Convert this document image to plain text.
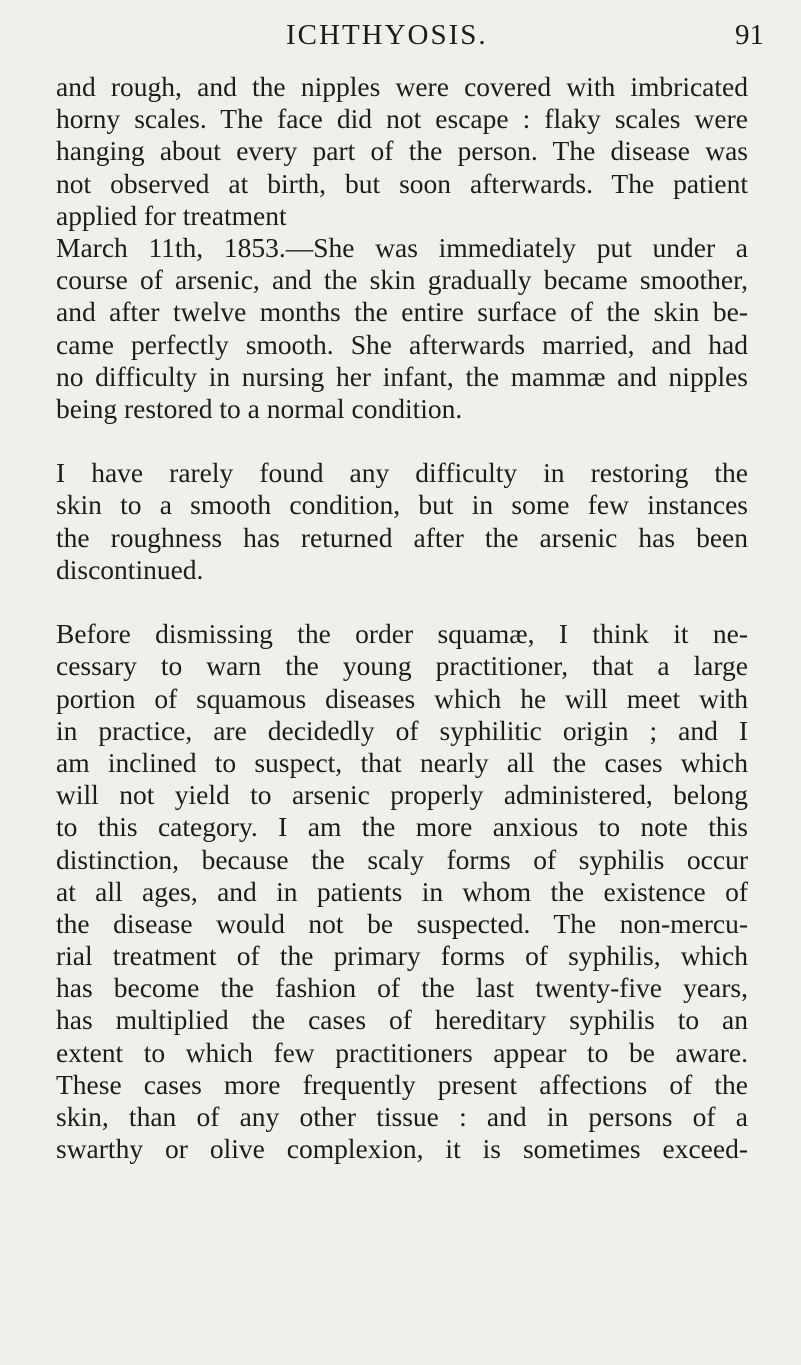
ICHTHYOSIS.	91
and rough, and the nipples were covered with imbricated
horny scales. The face did not escape : flaky scales were
hanging about every part of the person. The disease was
not observed at birth, but soon afterwards. The patient
applied for treatment
March 11th, 1853.—She was immediately put under a
course of arsenic, and the skin gradually became smoother,
and after twelve months the entire surface of the skin be-
came perfectly smooth. She afterwards married, and had
no difficulty in nursing her infant, the mammæ and nipples
being restored to a normal condition.
I have rarely found any difficulty in restoring the
skin to a smooth condition, but in some few instances
the roughness has returned after the arsenic has been
discontinued.
Before dismissing the order squamæ, I think it ne-
cessary to warn the young practitioner, that a large
portion of squamous diseases which he will meet with
in practice, are decidedly of syphilitic origin ; and I
am inclined to suspect, that nearly all the cases which
will not yield to arsenic properly administered, belong
to this category. I am the more anxious to note this
distinction, because the scaly forms of syphilis occur
at all ages, and in patients in whom the existence of
the disease would not be suspected. The non-mercu-
rial treatment of the primary forms of syphilis, which
has become the fashion of the last twenty-five years,
has multiplied the cases of hereditary syphilis to an
extent to which few practitioners appear to be aware.
These cases more frequently present affections of the
skin, than of any other tissue : and in persons of a
swarthy or olive complexion, it is sometimes exceed-
